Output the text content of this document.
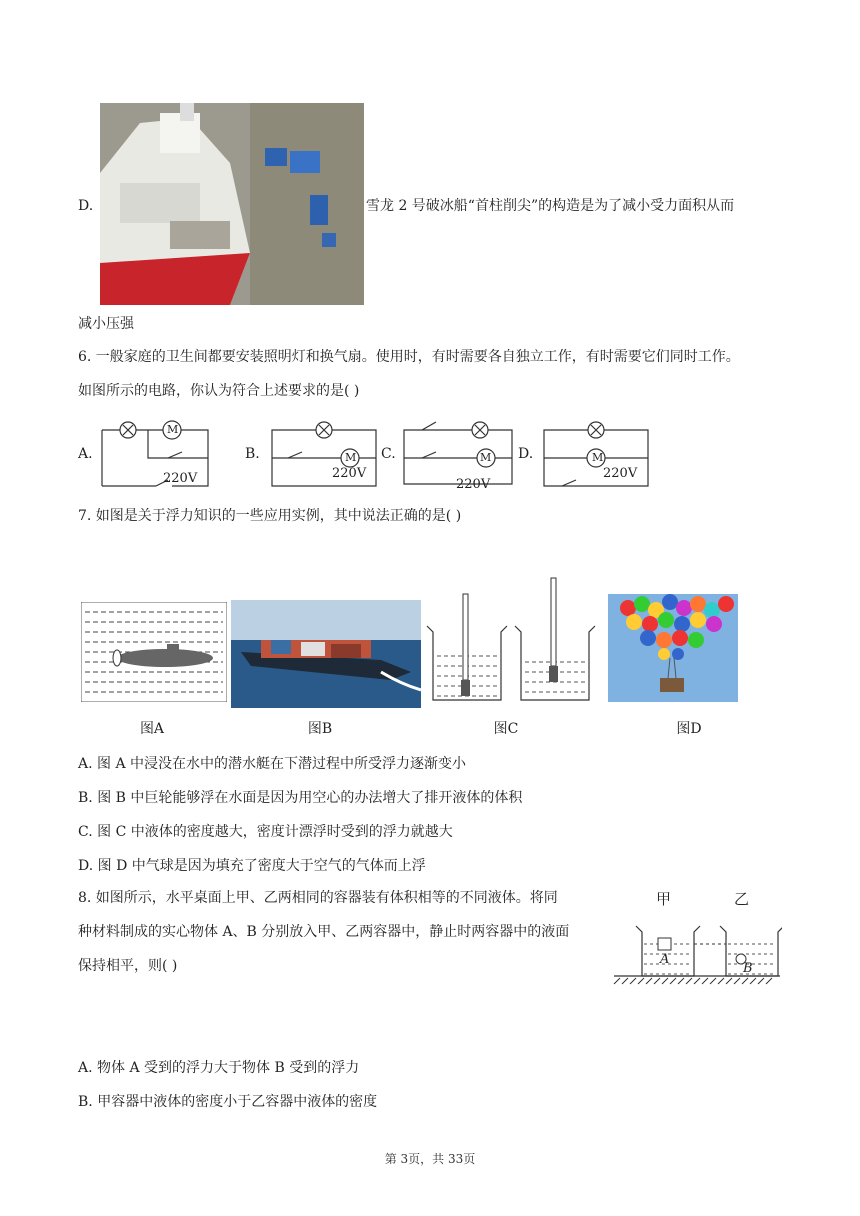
D.	雪龙 2 号破冰船“首柱削尖”的构造是为了减小受力面积从而
减小压强
6. 一般家庭的卫生间都要安装照明灯和换气扇。使用时，有时需要各自独立工作，有时需要它们同时工作。
如图所示的电路，你认为符合上述要求的是( )
A.
M
220V
B.	M
220V
C.	M
220V
D.	M
220V
7. 如图是关于浮力知识的一些应用实例，其中说法正确的是( )
图B
图A	图C	图D
A. 图 A 中浸没在水中的潜水艇在下潜过程中所受浮力逐渐变小
B. 图 B 中巨轮能够浮在水面是因为用空心的办法增大了排开液体的体积
C. 图 C 中液体的密度越大，密度计漂浮时受到的浮力就越大
D. 图 D 中气球是因为填充了密度大于空气的气体而上浮
8. 如图所示，水平桌面上甲、乙两相同的容器装有体积相等的不同液体。将同
种材料制成的实心物体 A、B 分别放入甲、乙两容器中，静止时两容器中的液面
保持相平，则( )
甲	乙
A
B
A. 物体 A 受到的浮力大于物体 B 受到的浮力
B. 甲容器中液体的密度小于乙容器中液体的密度
第 3页，共 33页
